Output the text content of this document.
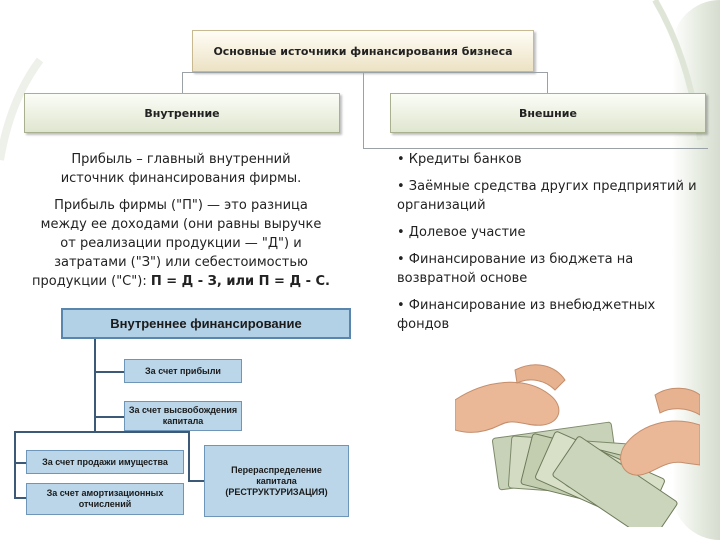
Основные источники финансирования бизнеса
Внутренние	Внешние
Прибыль – главный внутренний
источник финансирования фирмы.
Прибыль фирмы ("П") — это разница
между ее доходами (они равны выручке
от реализации продукции — "Д") и
затратами ("З") или себестоимостью
продукции ("С"): П = Д - З, или П = Д - С.

• Кредиты банков

• Заёмные средства других предприятий и организаций

• Долевое участие

• Финансирование из бюджета на возвратной основе

• Финансирование из внебюджетных фондов

Внутреннее финансирование
За счет прибыли
За счет высвобождения
капитала
За счет продажи имущества
За счет амортизационных
отчислений
Перераспределение
капитала
(РЕСТРУКТУРИЗАЦИЯ)
